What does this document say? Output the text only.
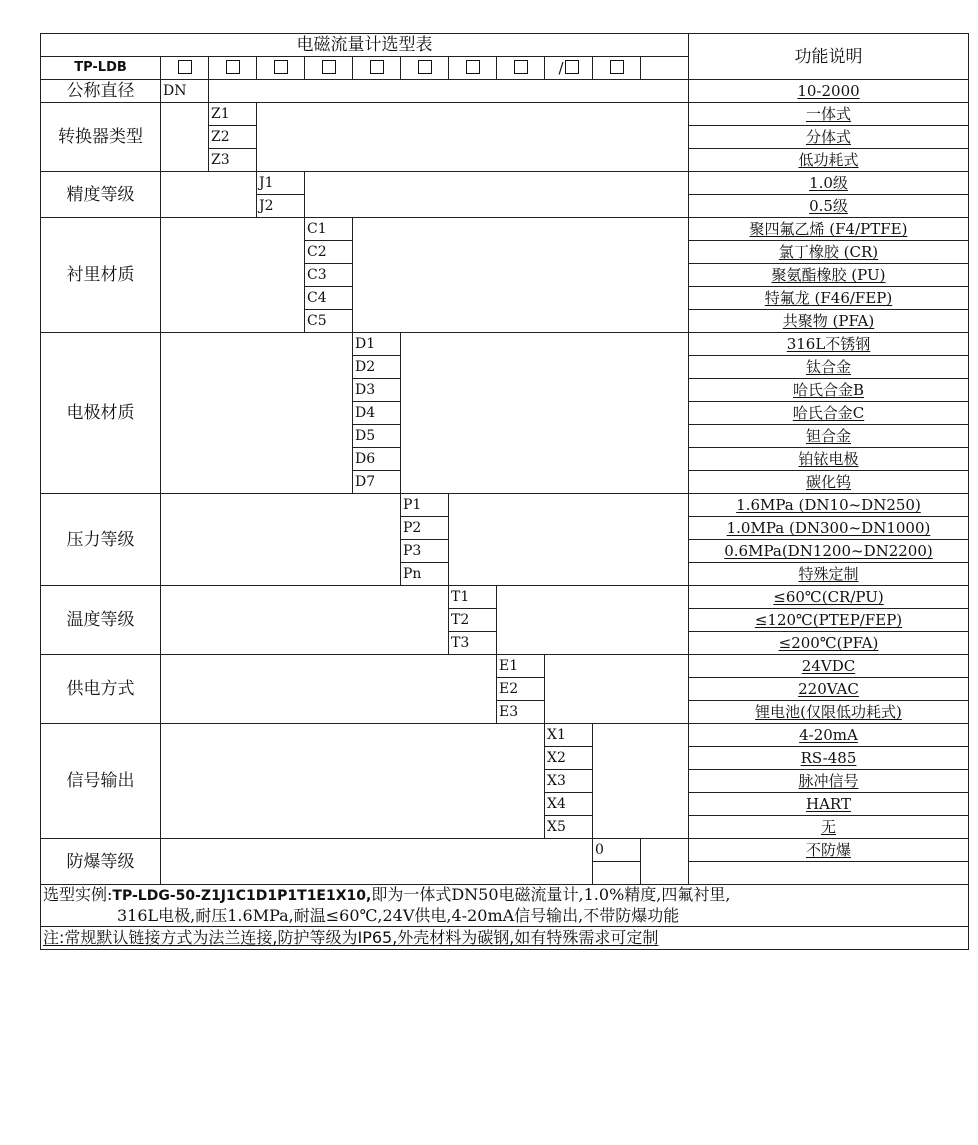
电磁流量计选型表												功能说明
TP-LDB									/			
公称直径	DN											10-2000
转换器类型		Z1										一体式
		Z2										分体式
		Z3										低功耗式
精度等级			J1									1.0级
			J2									0.5级
衬里材质				C1								聚四氟乙烯 (F4/PTFE)
				C2								氯丁橡胶 (CR)
				C3								聚氨酯橡胶 (PU)
				C4								特氟龙 (F46/FEP)
				C5								共聚物 (PFA)
电极材质					D1							316L不锈钢
					D2							钛合金
					D3							哈氏合金B
					D4							哈氏合金C
					D5							钽合金
					D6							铂铱电极
					D7							碳化钨
压力等级						P1						1.6MPa (DN10~DN250)
						P2						1.0MPa (DN300~DN1000)
						P3						0.6MPa(DN1200~DN2200)
						Pn						特殊定制
温度等级							T1					≤60℃(CR/PU)
							T2					≤120℃(PTEP/FEP)
							T3					≤200℃(PFA)
供电方式								E1				24VDC
								E2				220VAC
								E3				锂电池(仅限低功耗式)
信号输出									X1			4-20mA
									X2			RS-485
									X3			脉冲信号
									X4			HART
									X5			无
防爆等级										0		不防爆

选型实例:TP-LDG-50-Z1J1C1D1P1T1E1X10,即为一体式DN50电磁流量计,1.0%精度,四氟衬里,
316L电极,耐压1.6MPa,耐温≤60℃,24V供电,4-20mA信号输出,不带防爆功能												

注:常规默认链接方式为法兰连接,防护等级为IP65,外壳材料为碳钢,如有特殊需求可定制												
